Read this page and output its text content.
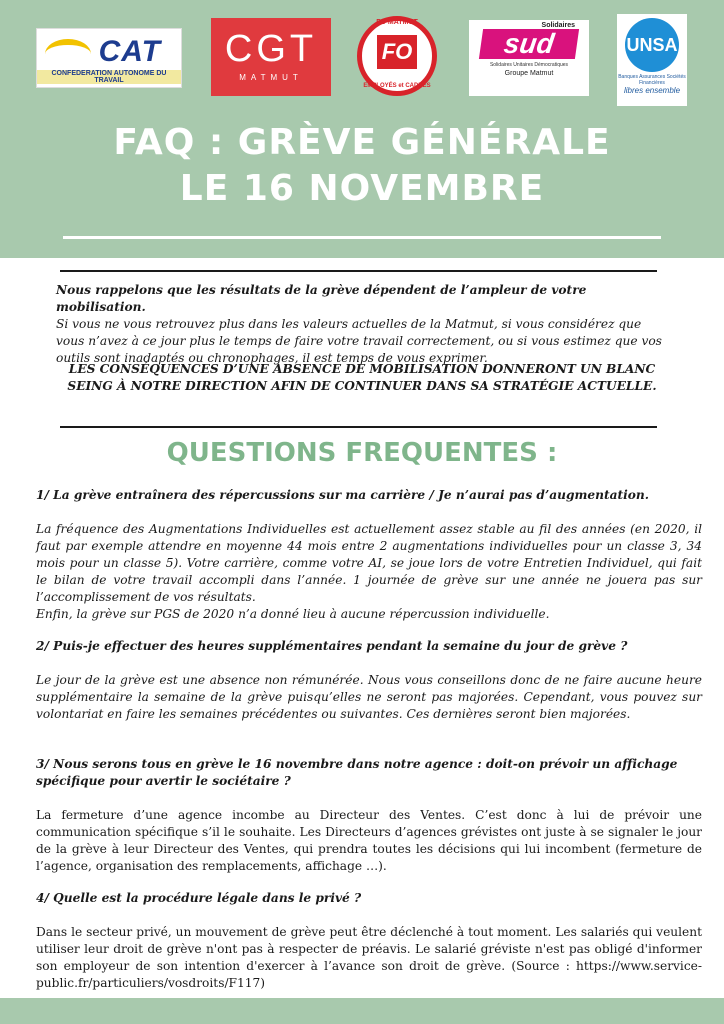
CAT
CONFEDERATION AUTONOME DU TRAVAIL
CGT
MATMUT
FO MATMUT
FO
EMPLOYÉS et CADRES
Solidaires
sud
Solidaires Unitaires Démocratiques
Groupe Matmut
UNSA
Banques Assurances Sociétés Financières
libres ensemble
FAQ : GRÈVE GÉNÉRALE
LE 16 NOVEMBRE
Nous rappelons que les résultats de la grève dépendent de l’ampleur de votre mobilisation.
Si vous ne vous retrouvez plus dans les valeurs actuelles de la Matmut, si vous considérez que vous n’avez à ce jour plus le temps de faire votre travail correctement, ou si vous estimez que vos outils sont inadaptés ou chronophages, il est temps de vous exprimer.
LES CONSÉQUENCES D’UNE ABSENCE DE MOBILISATION DONNERONT UN BLANC SEING À NOTRE DIRECTION AFIN DE CONTINUER DANS SA STRATÉGIE ACTUELLE.
QUESTIONS FREQUENTES :

1/ La grève entraînera des répercussions sur ma carrière / Je n’aurai pas d’augmentation.

La fréquence des Augmentations Individuelles est actuellement assez stable au fil des années (en 2020, il faut par exemple attendre en moyenne 44 mois entre 2 augmentations individuelles pour un classe 3, 34 mois pour un classe 5). Votre carrière, comme votre AI, se joue lors de votre Entretien Individuel, qui fait le bilan de votre travail accompli dans l’année. 1 journée de grève sur une année ne jouera pas sur l’accomplissement de vos résultats.

Enfin, la grève sur PGS de 2020 n’a donné lieu à aucune répercussion individuelle.

2/ Puis-je effectuer des heures supplémentaires pendant la semaine du jour de grève ?

Le jour de la grève est une absence non rémunérée. Nous vous conseillons donc de ne faire aucune heure supplémentaire la semaine de la grève puisqu’elles ne seront pas majorées. Cependant, vous pouvez sur volontariat en faire les semaines précédentes ou suivantes. Ces dernières seront bien majorées.

3/ Nous serons tous en grève le 16 novembre dans notre agence : doit-on prévoir un affichage spécifique pour avertir le sociétaire ?

La fermeture d’une agence incombe au Directeur des Ventes. C’est donc à lui de prévoir une communication spécifique s’il le souhaite. Les Directeurs d’agences grévistes ont juste à se signaler le jour de la grève à leur Directeur des Ventes, qui prendra toutes les décisions qui lui incombent (fermeture de l’agence, organisation des remplacements, affichage …).

4/ Quelle est la procédure légale dans le privé ?

Dans le secteur privé, un mouvement de grève peut être déclenché à tout moment. Les salariés qui veulent utiliser leur droit de grève n'ont pas à respecter de préavis. Le salarié gréviste n'est pas obligé d'informer son employeur de son intention d'exercer à l’avance son droit de grève. (Source : https://www.service-public.fr/particuliers/vosdroits/F117)
